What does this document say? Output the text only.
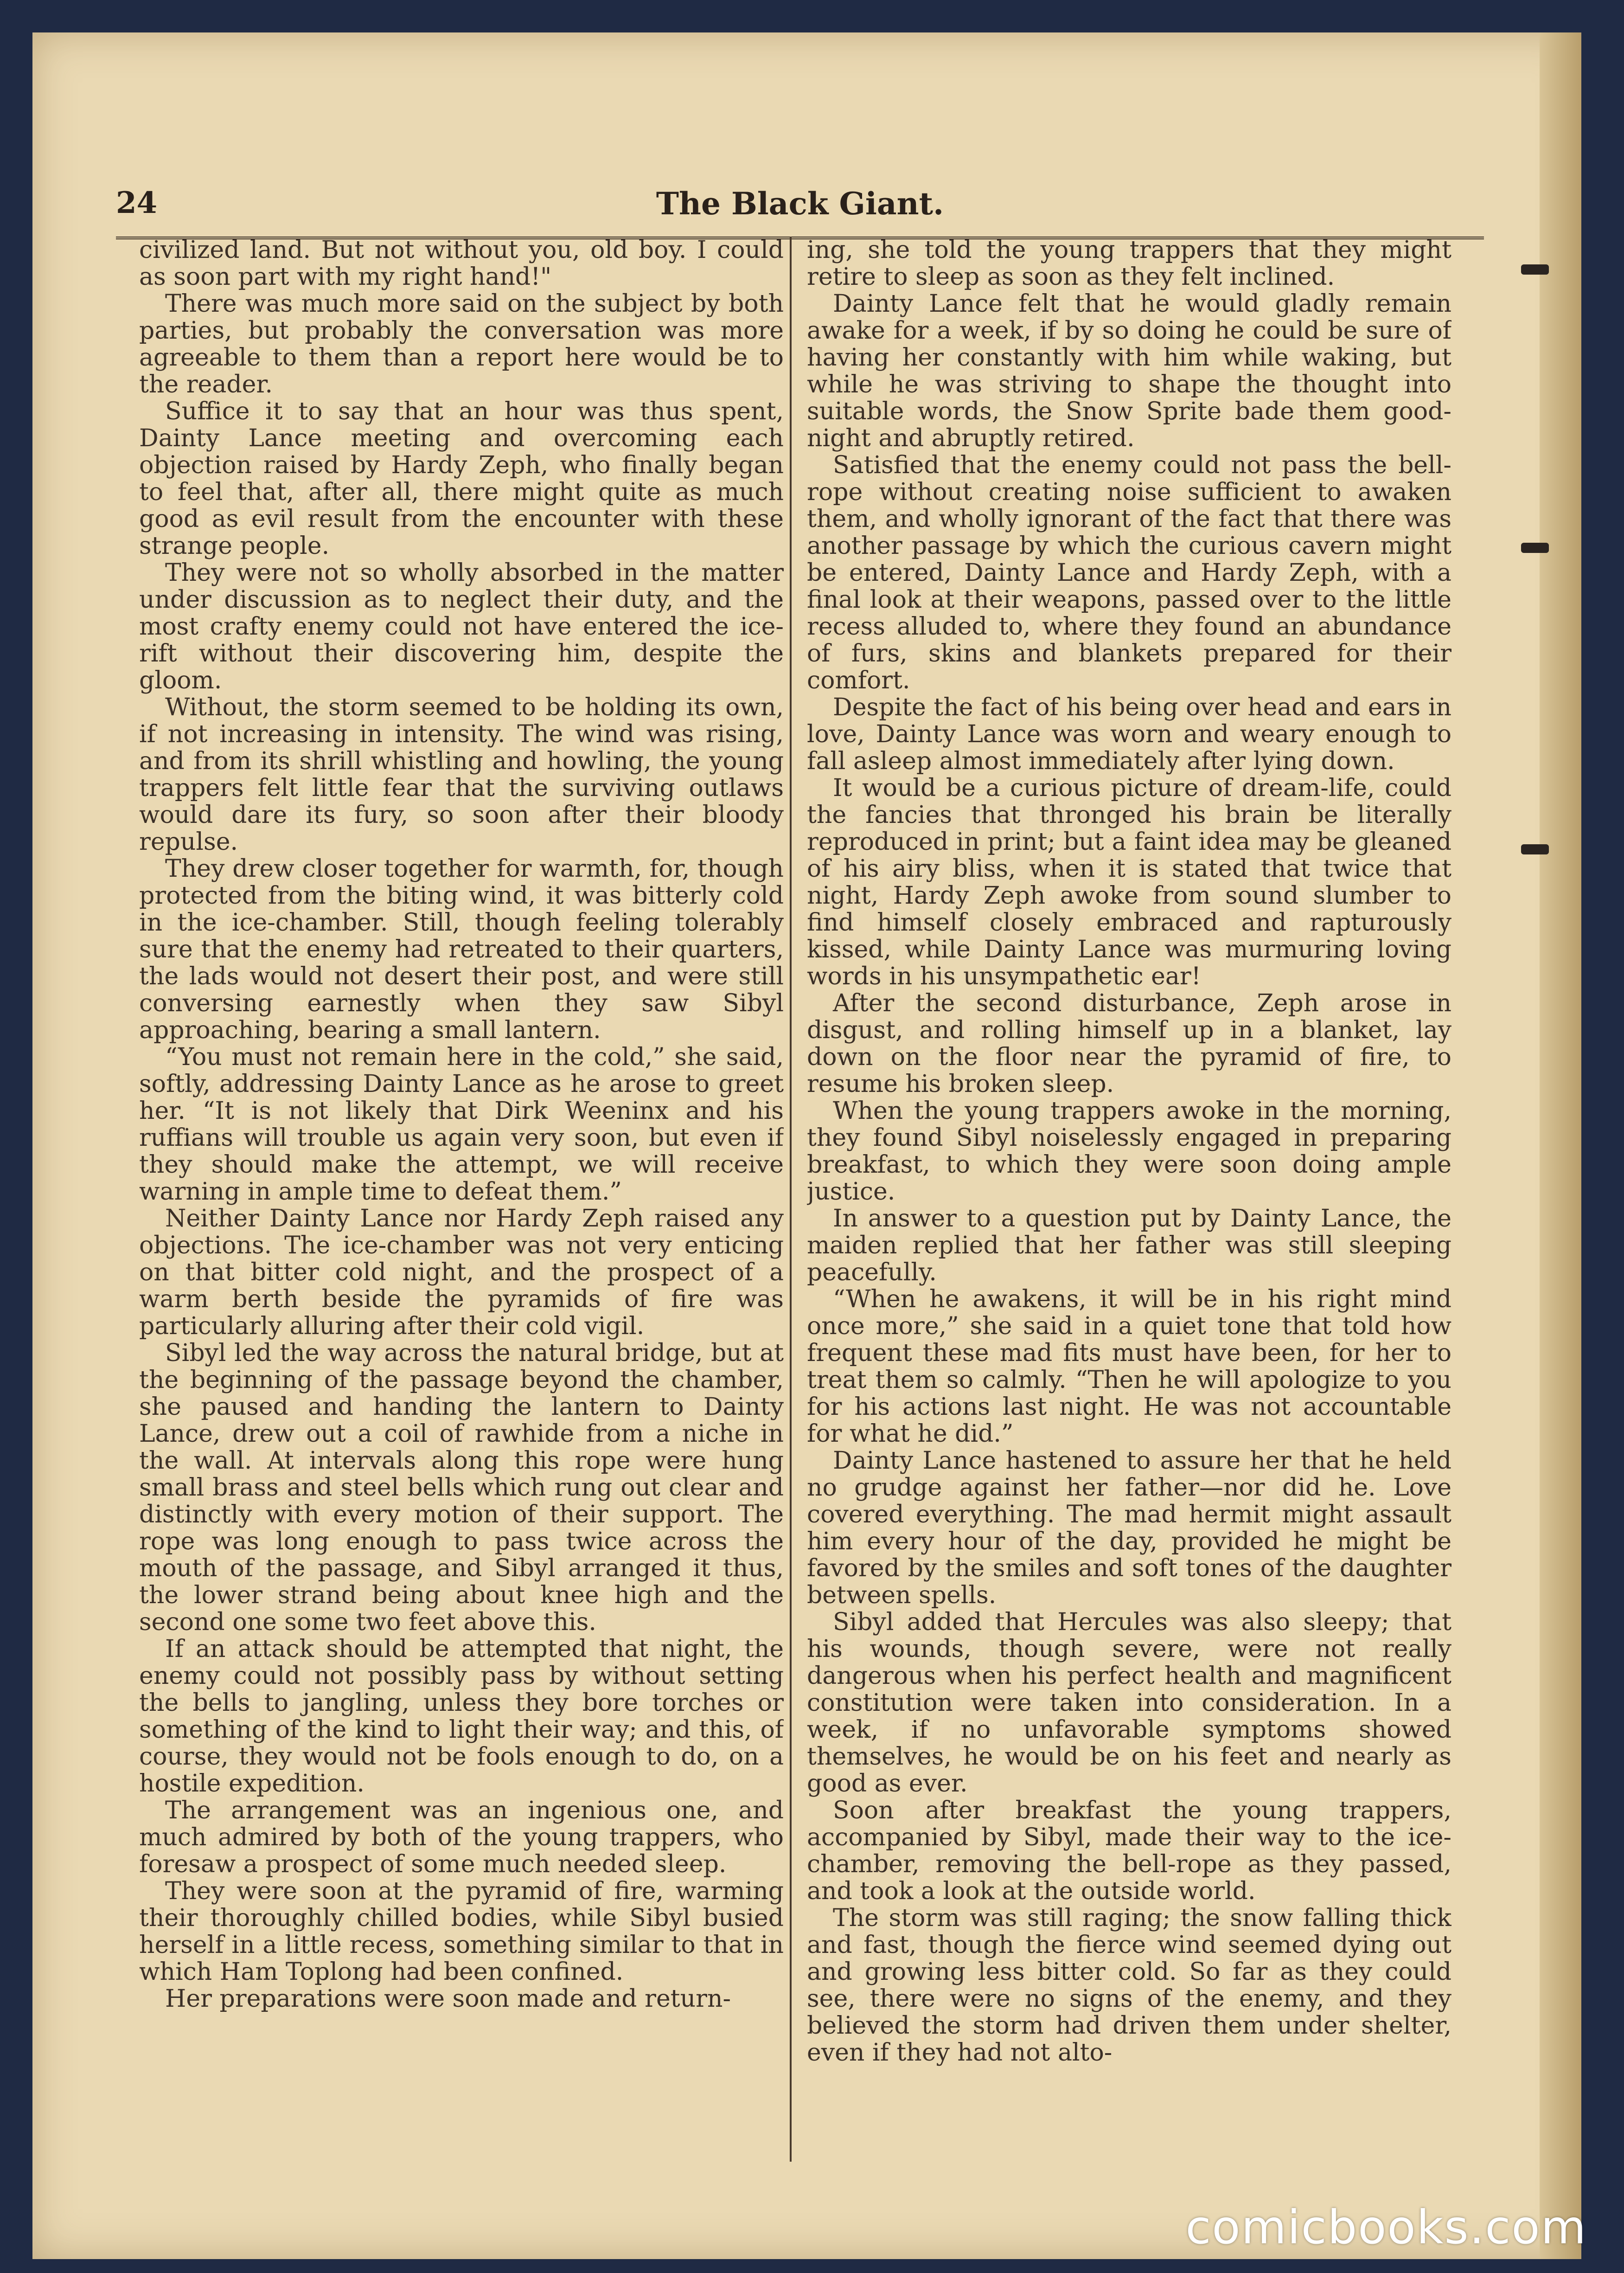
24	The Black Giant.

civilized land. But not without you, old boy. I could as soon part with my right hand!"

There was much more said on the subject by both parties, but probably the conversation was more agreeable to them than a report here would be to the reader.

Suffice it to say that an hour was thus spent, Dainty Lance meeting and overcoming each objection raised by Hardy Zeph, who finally began to feel that, after all, there might quite as much good as evil result from the encounter with these strange people.

They were not so wholly absorbed in the matter under discussion as to neglect their duty, and the most crafty enemy could not have entered the ice-rift without their discovering him, despite the gloom.

Without, the storm seemed to be holding its own, if not increasing in intensity. The wind was rising, and from its shrill whistling and howling, the young trappers felt little fear that the surviving outlaws would dare its fury, so soon after their bloody repulse.

They drew closer together for warmth, for, though protected from the biting wind, it was bitterly cold in the ice-chamber. Still, though feeling tolerably sure that the enemy had retreated to their quarters, the lads would not desert their post, and were still conversing earnestly when they saw Sibyl approaching, bearing a small lantern.

“You must not remain here in the cold,” she said, softly, addressing Dainty Lance as he arose to greet her. “It is not likely that Dirk Weeninx and his ruffians will trouble us again very soon, but even if they should make the attempt, we will receive warning in ample time to defeat them.”

Neither Dainty Lance nor Hardy Zeph raised any objections. The ice-chamber was not very enticing on that bitter cold night, and the prospect of a warm berth beside the pyramids of fire was particularly alluring after their cold vigil.

Sibyl led the way across the natural bridge, but at the beginning of the passage beyond the chamber, she paused and handing the lantern to Dainty Lance, drew out a coil of rawhide from a niche in the wall. At intervals along this rope were hung small brass and steel bells which rung out clear and distinctly with every motion of their support. The rope was long enough to pass twice across the mouth of the passage, and Sibyl arranged it thus, the lower strand being about knee high and the second one some two feet above this.

If an attack should be attempted that night, the enemy could not possibly pass by without setting the bells to jangling, unless they bore torches or something of the kind to light their way; and this, of course, they would not be fools enough to do, on a hostile expedition.

The arrangement was an ingenious one, and much admired by both of the young trappers, who foresaw a prospect of some much needed sleep.

They were soon at the pyramid of fire, warming their thoroughly chilled bodies, while Sibyl busied herself in a little recess, something similar to that in which Ham Toplong had been confined.

Her preparations were soon made and return-

ing, she told the young trappers that they might retire to sleep as soon as they felt inclined.

Dainty Lance felt that he would gladly remain awake for a week, if by so doing he could be sure of having her constantly with him while waking, but while he was striving to shape the thought into suitable words, the Snow Sprite bade them good-night and abruptly retired.

Satisfied that the enemy could not pass the bell-rope without creating noise sufficient to awaken them, and wholly ignorant of the fact that there was another passage by which the curious cavern might be entered, Dainty Lance and Hardy Zeph, with a final look at their weapons, passed over to the little recess alluded to, where they found an abundance of furs, skins and blankets prepared for their comfort.

Despite the fact of his being over head and ears in love, Dainty Lance was worn and weary enough to fall asleep almost immediately after lying down.

It would be a curious picture of dream-life, could the fancies that thronged his brain be literally reproduced in print; but a faint idea may be gleaned of his airy bliss, when it is stated that twice that night, Hardy Zeph awoke from sound slumber to find himself closely embraced and rapturously kissed, while Dainty Lance was murmuring loving words in his unsympathetic ear!

After the second disturbance, Zeph arose in disgust, and rolling himself up in a blanket, lay down on the floor near the pyramid of fire, to resume his broken sleep.

When the young trappers awoke in the morning, they found Sibyl noiselessly engaged in preparing breakfast, to which they were soon doing ample justice.

In answer to a question put by Dainty Lance, the maiden replied that her father was still sleeping peacefully.

“When he awakens, it will be in his right mind once more,” she said in a quiet tone that told how frequent these mad fits must have been, for her to treat them so calmly. “Then he will apologize to you for his actions last night. He was not accountable for what he did.”

Dainty Lance hastened to assure her that he held no grudge against her father—nor did he. Love covered everything. The mad hermit might assault him every hour of the day, provided he might be favored by the smiles and soft tones of the daughter between spells.

Sibyl added that Hercules was also sleepy; that his wounds, though severe, were not really dangerous when his perfect health and magnificent constitution were taken into consideration. In a week, if no unfavorable symptoms showed themselves, he would be on his feet and nearly as good as ever.

Soon after breakfast the young trappers, accompanied by Sibyl, made their way to the ice-chamber, removing the bell-rope as they passed, and took a look at the outside world.

The storm was still raging; the snow falling thick and fast, though the fierce wind seemed dying out and growing less bitter cold. So far as they could see, there were no signs of the enemy, and they believed the storm had driven them under shelter, even if they had not alto-

comicbooks.com
